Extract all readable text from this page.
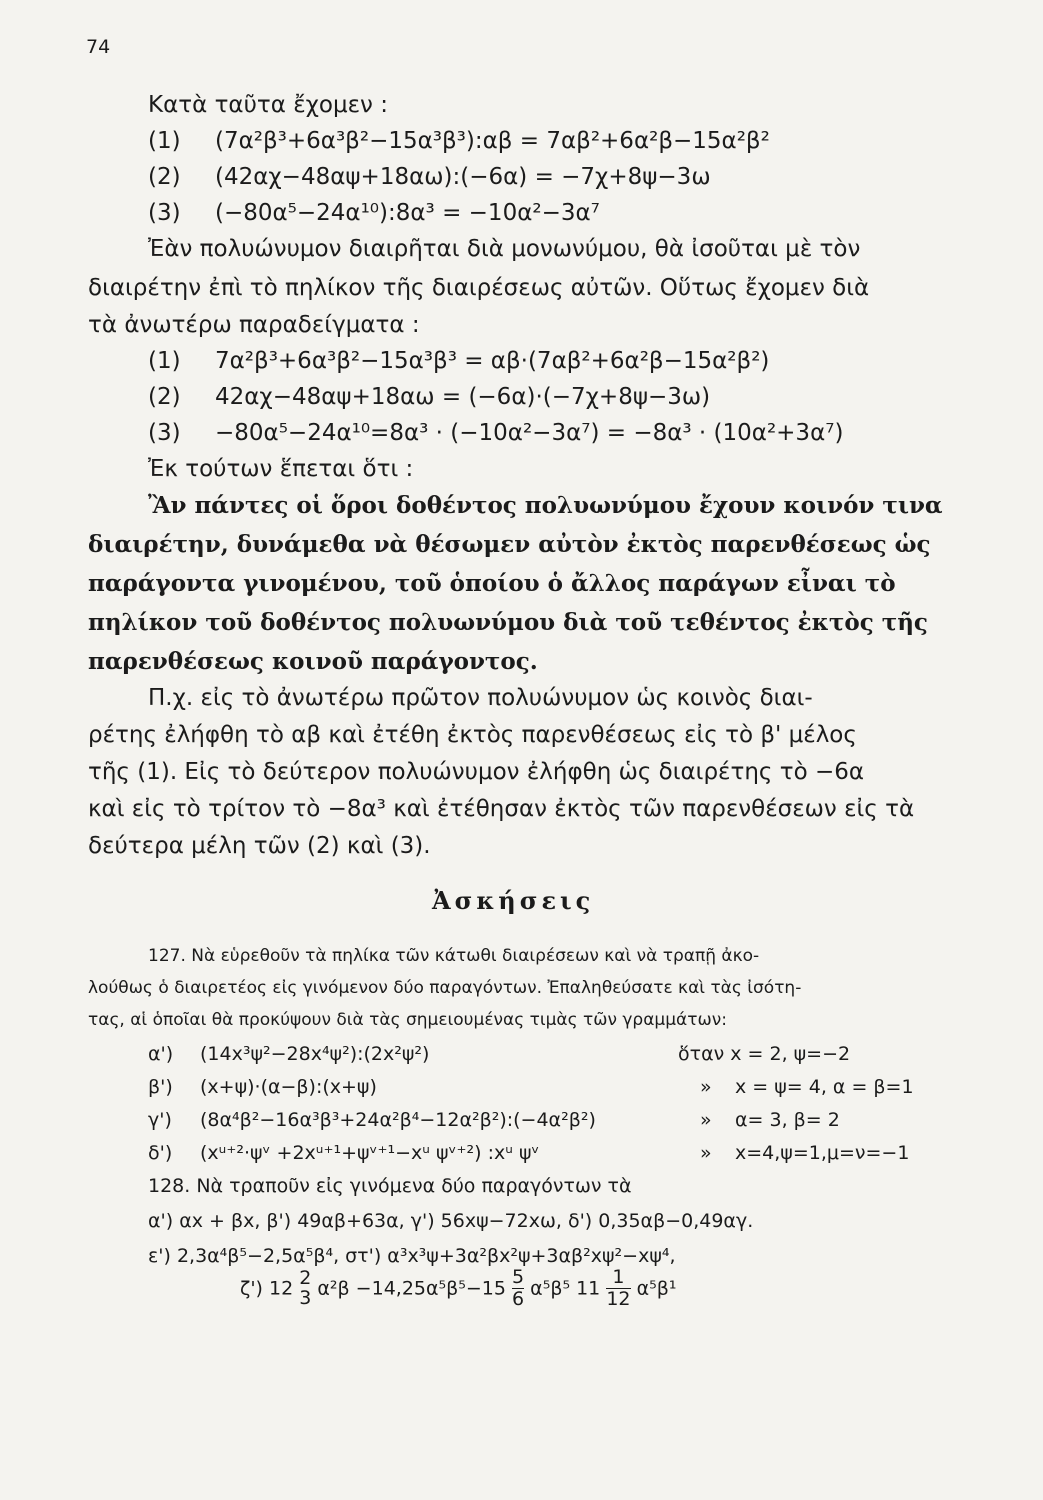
74
Κατὰ ταῦτα ἔχομεν :
(1) (7α²β³+6α³β²−15α³β³):αβ = 7αβ²+6α²β−15α²β²
(2) (42αχ−48αψ+18αω):(−6α) = −7χ+8ψ−3ω
(3) (−80α⁵−24α¹⁰):8α³ = −10α²−3α⁷
Ἐὰν πολυώνυμον διαιρῆται διὰ μονωνύμου, θὰ ἰσοῦται μὲ τὸν
διαιρέτην ἐπὶ τὸ πηλίκον τῆς διαιρέσεως αὐτῶν. Οὕτως ἔχομεν διὰ
τὰ ἀνωτέρω παραδείγματα :
(1) 7α²β³+6α³β²−15α³β³ = αβ·(7αβ²+6α²β−15α²β²)
(2) 42αχ−48αψ+18αω = (−6α)·(−7χ+8ψ−3ω)
(3) −80α⁵−24α¹⁰=8α³ · (−10α²−3α⁷) = −8α³ · (10α²+3α⁷)
Ἐκ τούτων ἕπεται ὅτι :
Ἂν πάντες οἱ ὅροι δοθέντος πολυωνύμου ἔχουν κοινόν τινα
διαιρέτην, δυνάμεθα νὰ θέσωμεν αὐτὸν ἐκτὸς παρενθέσεως ὡς
παράγοντα γινομένου, τοῦ ὁποίου ὁ ἄλλος παράγων εἶναι τὸ
πηλίκον τοῦ δοθέντος πολυωνύμου διὰ τοῦ τεθέντος ἐκτὸς τῆς
παρενθέσεως κοινοῦ παράγοντος.
Π.χ. εἰς τὸ ἀνωτέρω πρῶτον πολυώνυμον ὡς κοινὸς διαι-
ρέτης ἐλήφθη τὸ αβ καὶ ἐτέθη ἐκτὸς παρενθέσεως εἰς τὸ β' μέλος
τῆς (1). Εἰς τὸ δεύτερον πολυώνυμον ἐλήφθη ὡς διαιρέτης τὸ −6α
καὶ εἰς τὸ τρίτον τὸ −8α³ καὶ ἐτέθησαν ἐκτὸς τῶν παρενθέσεων εἰς τὰ
δεύτερα μέλη τῶν (2) καὶ (3).
Ἀσκήσεις
127. Νὰ εὑρεθοῦν τὰ πηλίκα τῶν κάτωθι διαιρέσεων καὶ νὰ τραπῇ ἀκο-
λούθως ὁ διαιρετέος εἰς γινόμενον δύο παραγόντων. Ἐπαληθεύσατε καὶ τὰς ἰσότη-
τας, αἱ ὁποῖαι θὰ προκύψουν διὰ τὰς σημειουμένας τιμὰς τῶν γραμμάτων:
α') (14x³ψ²−28x⁴ψ²):(2x²ψ²)	ὅταν x = 2, ψ=−2
β') (x+ψ)·(α−β):(x+ψ)	» x = ψ= 4, α = β=1
γ') (8α⁴β²−16α³β³+24α²β⁴−12α²β²):(−4α²β²)	» α= 3, β= 2
δ') (xᵘ⁺²·ψᵛ +2xᵘ⁺¹+ψᵛ⁺¹−xᵘ ψᵛ⁺²) :xᵘ ψᵛ	» x=4,ψ=1,μ=ν=−1
128. Νὰ τραποῦν εἰς γινόμενα δύο παραγόντων τὰ
α') αx + βx, β') 49αβ+63α, γ') 56xψ−72xω, δ') 0,35αβ−0,49αγ.
ε') 2,3α⁴β⁵−2,5α⁵β⁴, στ') α³x³ψ+3α²βx²ψ+3αβ²xψ²−xψ⁴,
ζ') 12 2
3 $\alpha^2\beta -14,25\alpha^5\beta^5-15 \frac{5}{6} \alpha^5\beta^5$ $11 \frac{1}{12} \alpha^5\beta^1$
